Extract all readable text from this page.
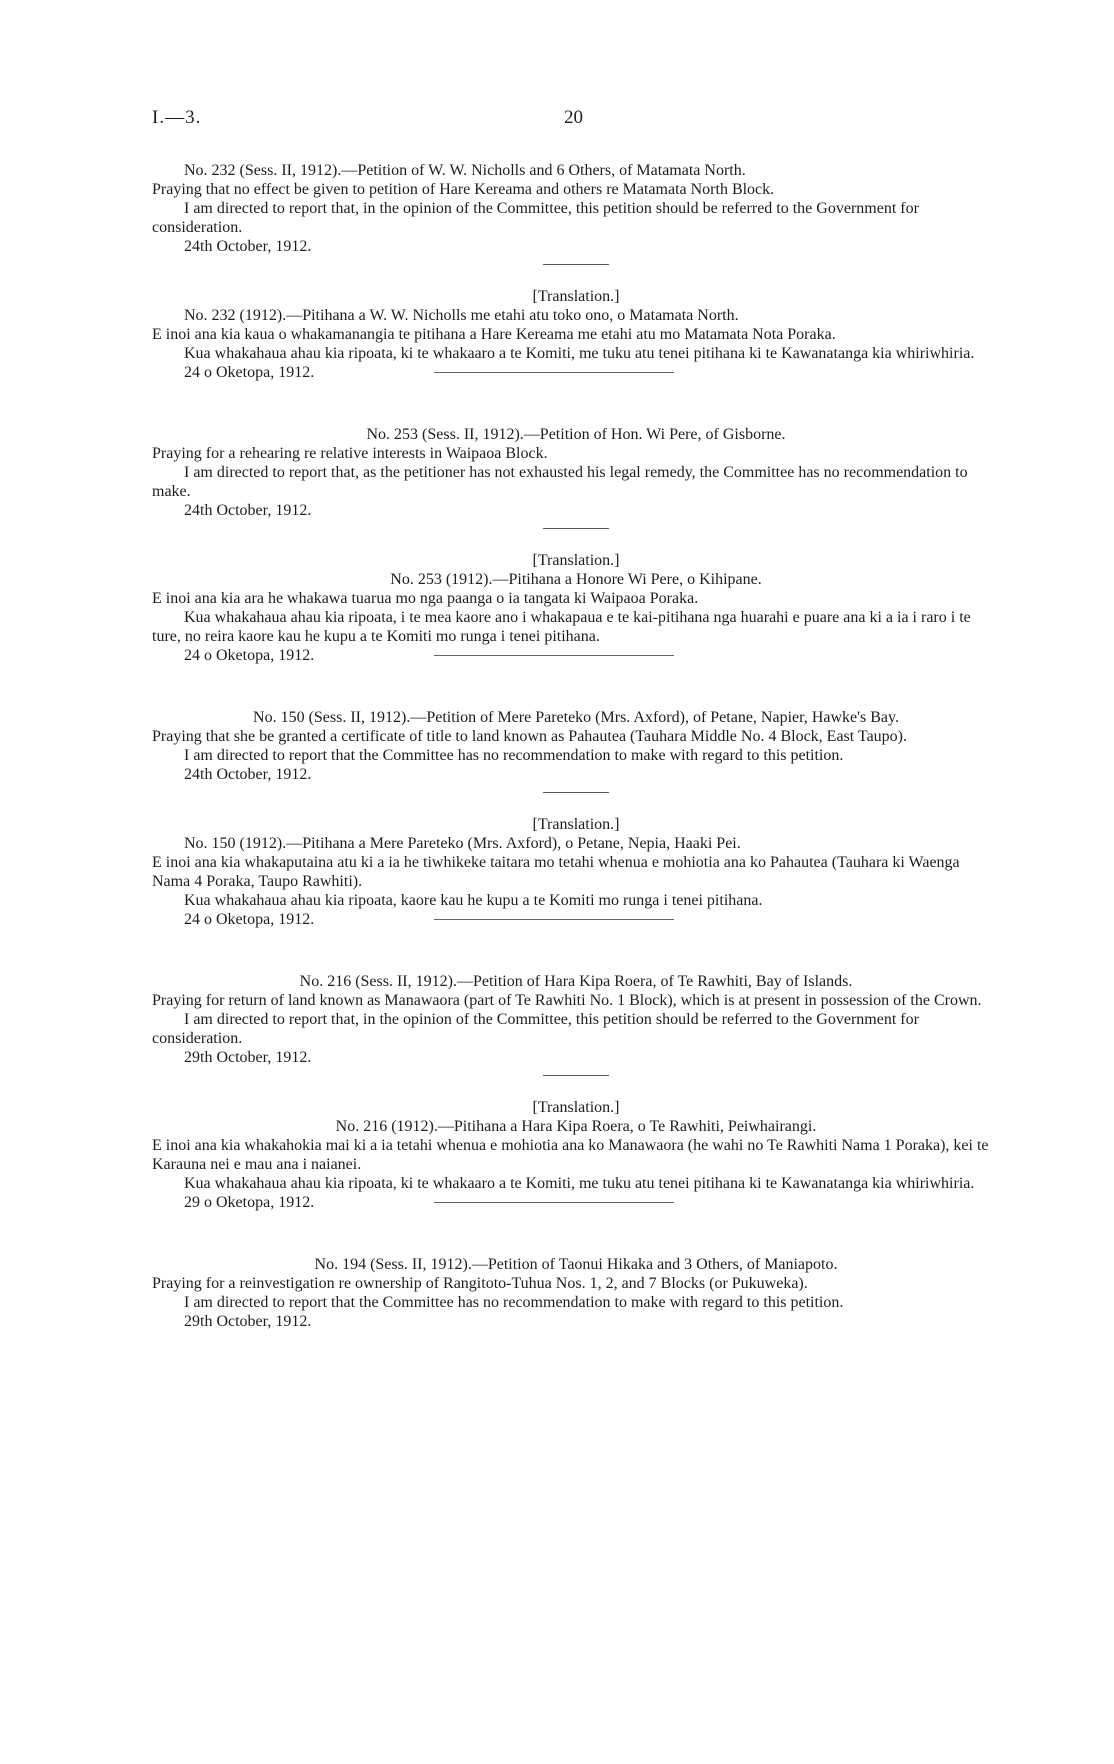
I.—3.	20

No. 232 (Sess. II, 1912).—Petition of W. W. Nicholls and 6 Others, of Matamata North.

Praying that no effect be given to petition of Hare Kereama and others re Matamata North Block.

I am directed to report that, in the opinion of the Committee, this petition should be referred to the Government for consideration.

24th October, 1912.

[Translation.]

No. 232 (1912).—Pitihana a W. W. Nicholls me etahi atu toko ono, o Matamata North.

E inoi ana kia kaua o whakamanangia te pitihana a Hare Kereama me etahi atu mo Matamata Nota Poraka.

Kua whakahaua ahau kia ripoata, ki te whakaaro a te Komiti, me tuku atu tenei pitihana ki te Kawanatanga kia whiriwhiria.

24 o Oketopa, 1912.

No. 253 (Sess. II, 1912).—Petition of Hon. Wi Pere, of Gisborne.

Praying for a rehearing re relative interests in Waipaoa Block.

I am directed to report that, as the petitioner has not exhausted his legal remedy, the Committee has no recommendation to make.

24th October, 1912.

[Translation.]

No. 253 (1912).—Pitihana a Honore Wi Pere, o Kihipane.

E inoi ana kia ara he whakawa tuarua mo nga paanga o ia tangata ki Waipaoa Poraka.

Kua whakahaua ahau kia ripoata, i te mea kaore ano i whakapaua e te kai-pitihana nga huarahi e puare ana ki a ia i raro i te ture, no reira kaore kau he kupu a te Komiti mo runga i tenei pitihana.

24 o Oketopa, 1912.

No. 150 (Sess. II, 1912).—Petition of Mere Pareteko (Mrs. Axford), of Petane, Napier, Hawke's Bay.

Praying that she be granted a certificate of title to land known as Pahautea (Tauhara Middle No. 4 Block, East Taupo).

I am directed to report that the Committee has no recommendation to make with regard to this petition.

24th October, 1912.

[Translation.]

No. 150 (1912).—Pitihana a Mere Pareteko (Mrs. Axford), o Petane, Nepia, Haaki Pei.

E inoi ana kia whakaputaina atu ki a ia he tiwhikeke taitara mo tetahi whenua e mohiotia ana ko Pahautea (Tauhara ki Waenga Nama 4 Poraka, Taupo Rawhiti).

Kua whakahaua ahau kia ripoata, kaore kau he kupu a te Komiti mo runga i tenei pitihana.

24 o Oketopa, 1912.

No. 216 (Sess. II, 1912).—Petition of Hara Kipa Roera, of Te Rawhiti, Bay of Islands.

Praying for return of land known as Manawaora (part of Te Rawhiti No. 1 Block), which is at present in possession of the Crown.

I am directed to report that, in the opinion of the Committee, this petition should be referred to the Government for consideration.

29th October, 1912.

[Translation.]

No. 216 (1912).—Pitihana a Hara Kipa Roera, o Te Rawhiti, Peiwhairangi.

E inoi ana kia whakahokia mai ki a ia tetahi whenua e mohiotia ana ko Manawaora (he wahi no Te Rawhiti Nama 1 Poraka), kei te Karauna nei e mau ana i naianei.

Kua whakahaua ahau kia ripoata, ki te whakaaro a te Komiti, me tuku atu tenei pitihana ki te Kawanatanga kia whiriwhiria.

29 o Oketopa, 1912.

No. 194 (Sess. II, 1912).—Petition of Taonui Hikaka and 3 Others, of Maniapoto.

Praying for a reinvestigation re ownership of Rangitoto-Tuhua Nos. 1, 2, and 7 Blocks (or Pukuweka).

I am directed to report that the Committee has no recommendation to make with regard to this petition.

29th October, 1912.
